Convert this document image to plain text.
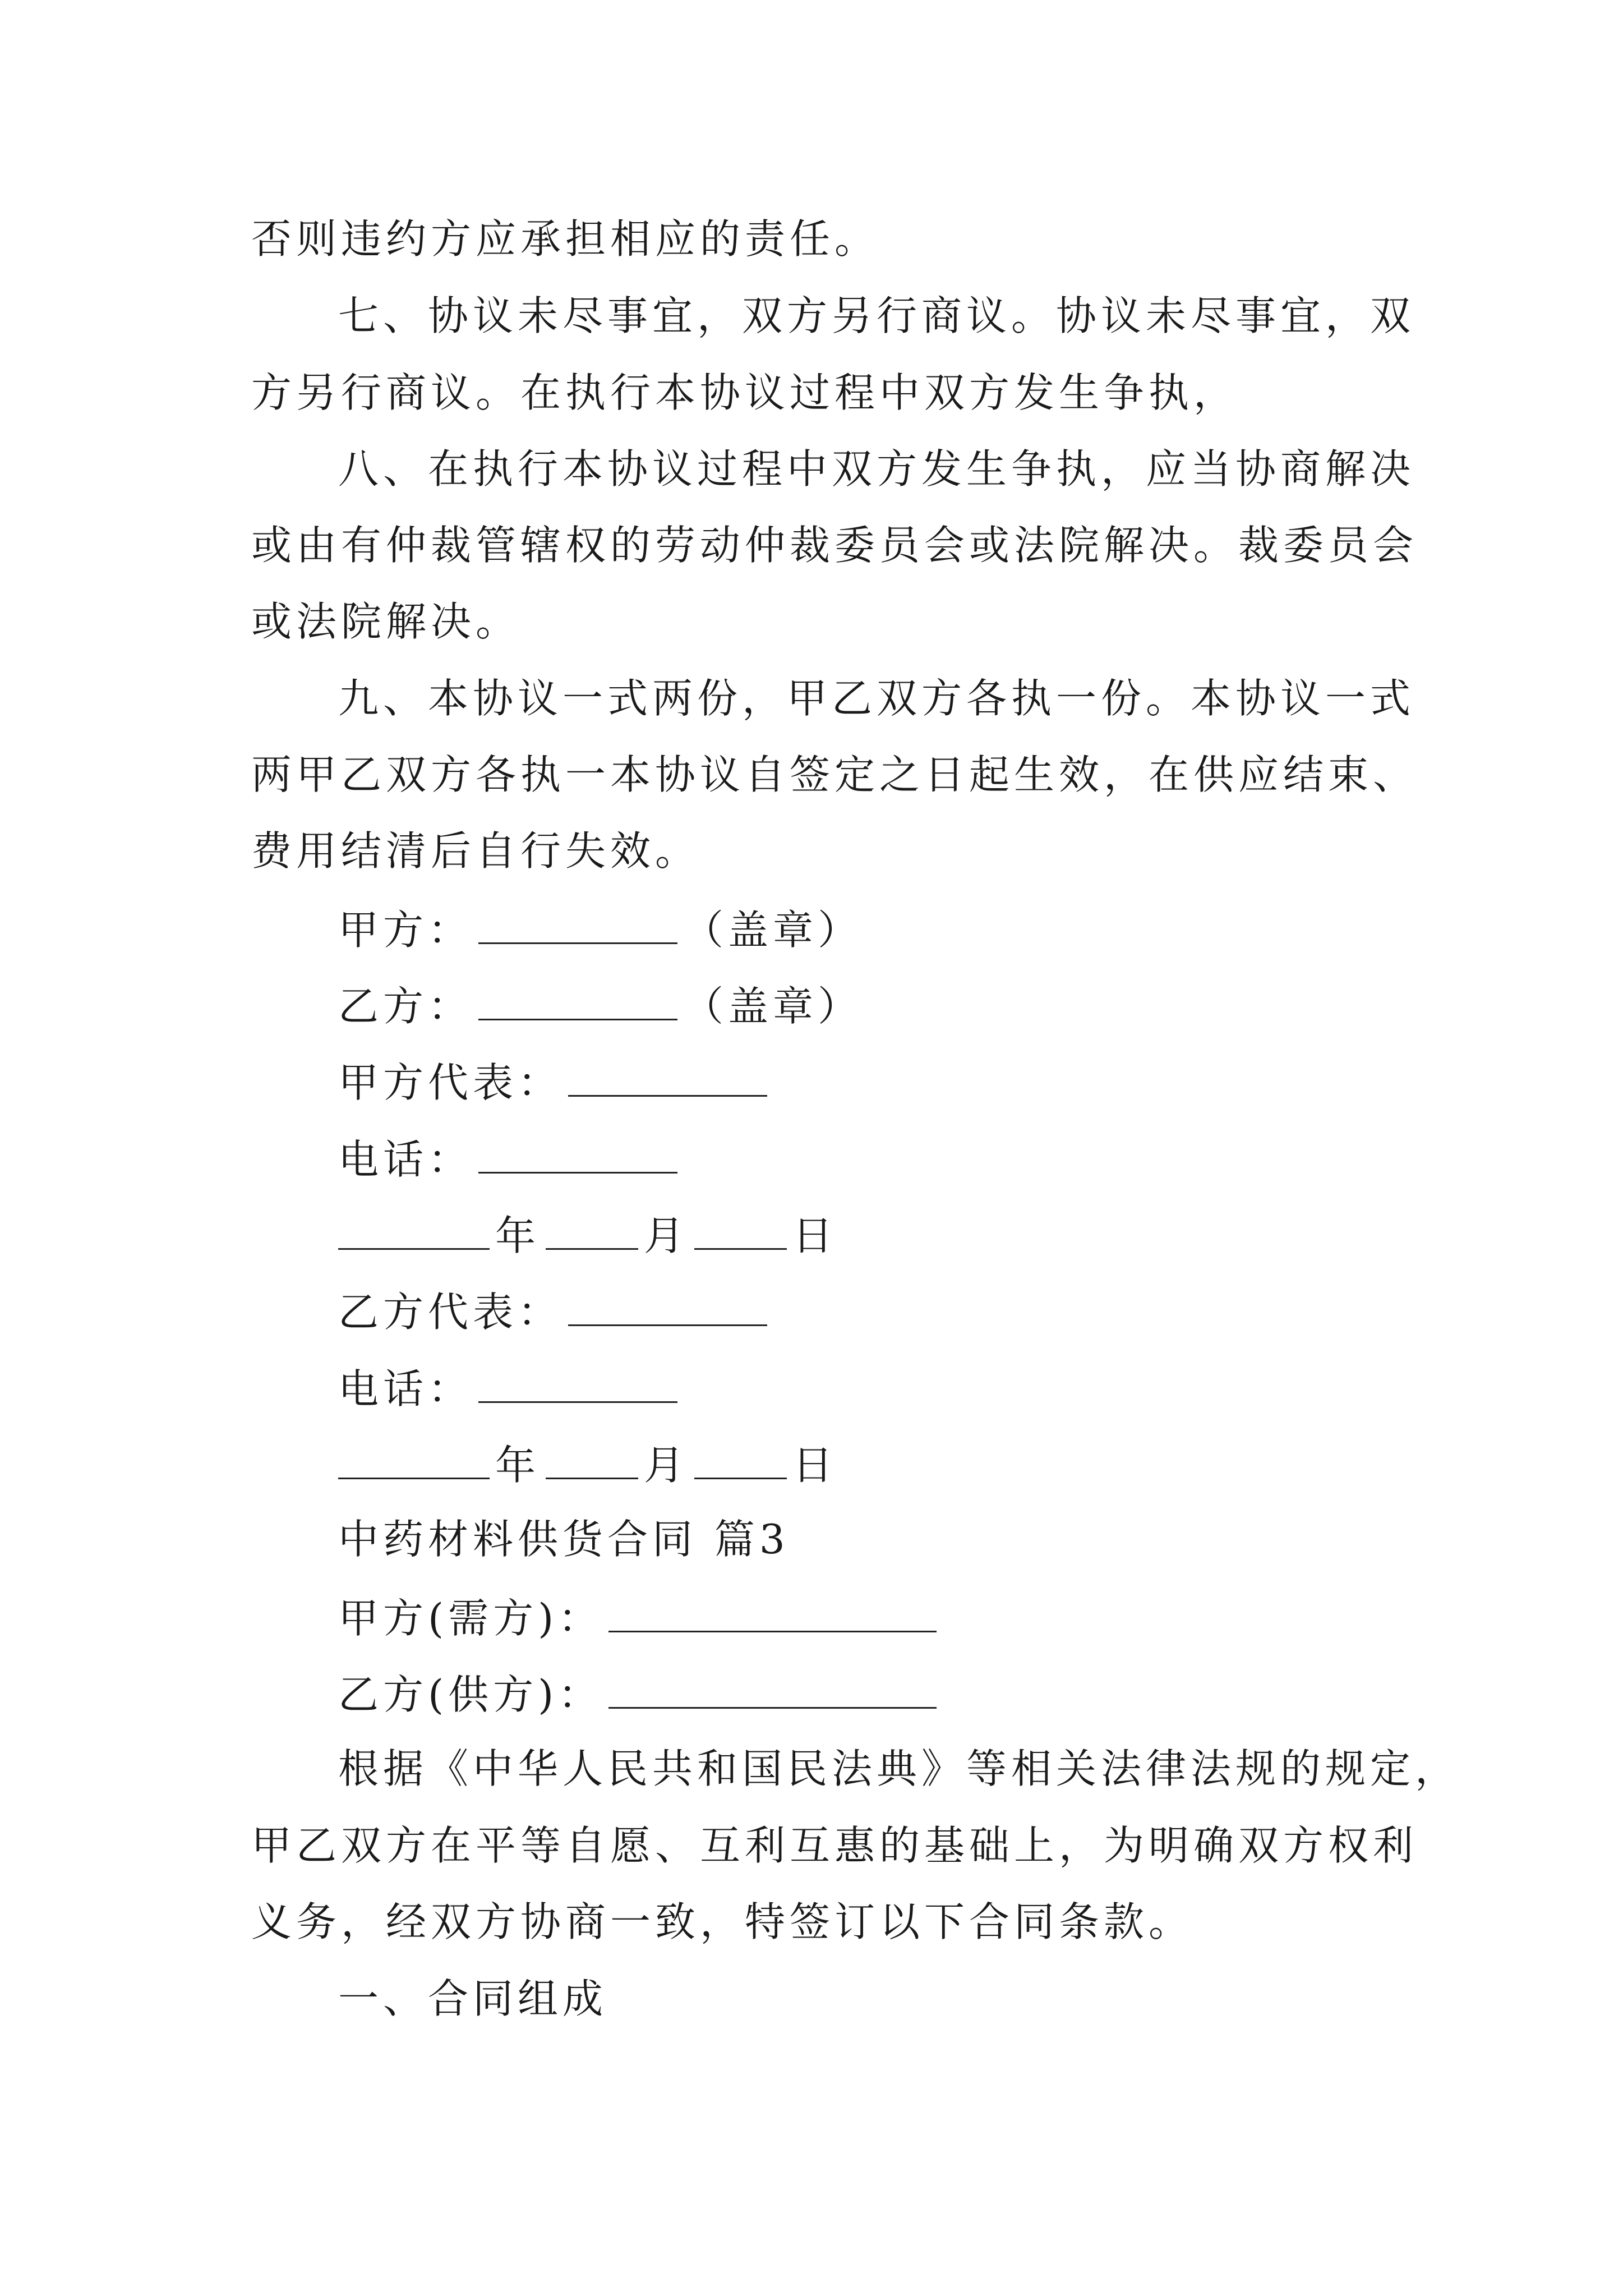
否则违约方应承担相应的责任。

七、协议未尽事宜，双方另行商议。协议未尽事宜，双

方另行商议。在执行本协议过程中双方发生争执，

八、在执行本协议过程中双方发生争执，应当协商解决

或由有仲裁管辖权的劳动仲裁委员会或法院解决。裁委员会

或法院解决。

九、本协议一式两份，甲乙双方各执一份。本协议一式

两甲乙双方各执一本协议自签定之日起生效，在供应结束、

费用结清后自行失效。

甲方：	（盖章）

乙方：	（盖章）

甲方代表：

电话：

年	月	日

乙方代表：

电话：

年	月	日

中药材料供货合同 篇3

甲方(需方)：

乙方(供方)：

根据《中华人民共和国民法典》等相关法律法规的规定，

甲乙双方在平等自愿、互利互惠的基础上，为明确双方权利

义务，经双方协商一致，特签订以下合同条款。

一、合同组成
